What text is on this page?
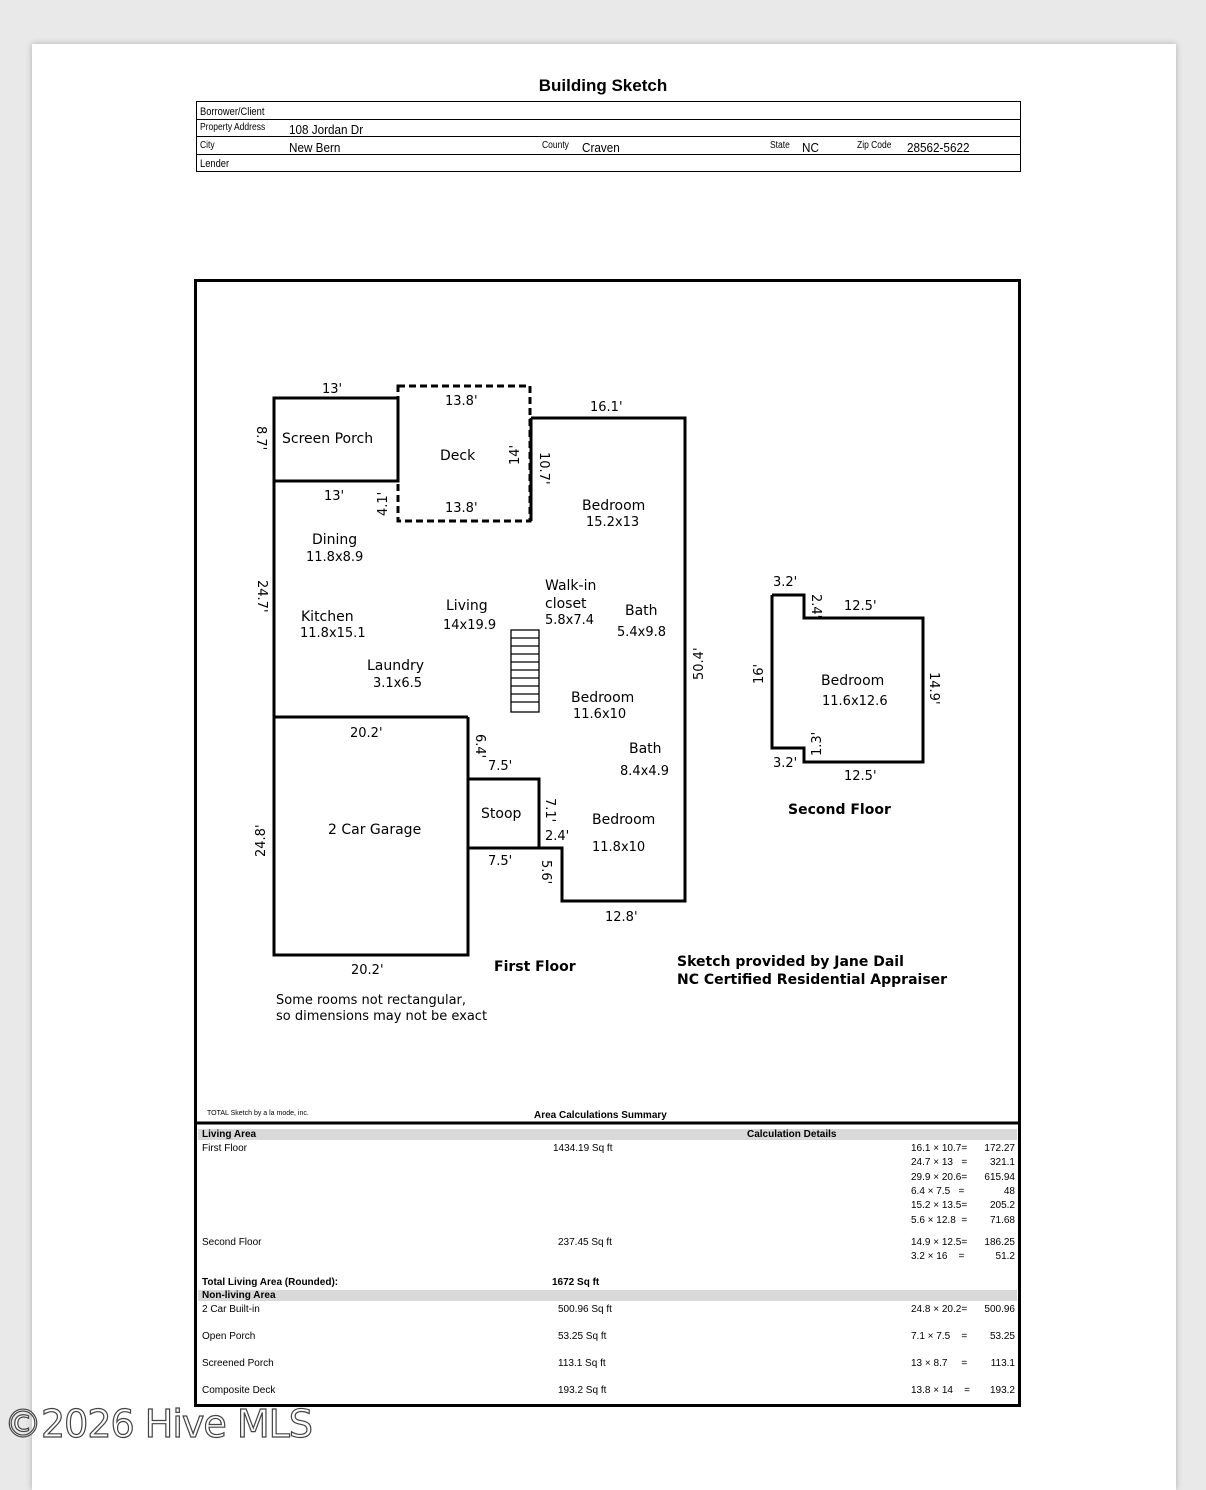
Building Sketch
Borrower/Client
Property Address 108 Jordan Dr
City	New Bern	County Craven	State NC	Zip Code 28562-5622
Lender
Screen Porch
Deck
Dining
11.8x8.9
Kitchen
11.8x15.1
Living
14x19.9
Laundry
3.1x6.5
Walk-in
closet
5.8x7.4
Bath
5.4x9.8
Bedroom
15.2x13
Bedroom
11.6x10
Bath
8.4x4.9
Bedroom
11.8x10
2 Car Garage
Stoop
13'
8.7'
13'
13.8'
13.8'
14'
4.1'
16.1'
10.7'
50.4'
24.7'
20.2'
24.8'
20.2'
6.4'
7.5'
7.1'
2.4'
7.5' 5.6'
12.8'
Bedroom
11.6x12.6
3.2'
2.4' 12.5'
16'	14.9'
1.3'
3.2'
12.5'
Second Floor
First Floor	Sketch provided by Jane Dail
NC Certified Residential Appraiser
Some rooms not rectangular,
so dimensions may not be exact
TOTAL Sketch by a la mode, inc.	Area Calculations Summary
Living Area	Calculation Details
First Floor	1434.19 Sq ft	16.1 × 10.7= 172.27
24.7 × 13   = 321.1
29.9 × 20.6= 615.94
6.4 × 7.5   =	48
15.2 × 13.5= 205.2
5.6 × 12.8  = 71.68
Second Floor	237.45 Sq ft	14.9 × 12.5= 186.25
3.2 × 16    =	51.2
Total Living Area (Rounded):	1672 Sq ft
Non-living Area
2 Car Built-in	500.96 Sq ft	24.8 × 20.2= 500.96
Open Porch	53.25 Sq ft	7.1 × 7.5    = 53.25
Screened Porch	113.1 Sq ft	13 × 8.7     = 113.1
Composite Deck	193.2 Sq ft	13.8 × 14    = 193.2
©2026 Hive MLS
